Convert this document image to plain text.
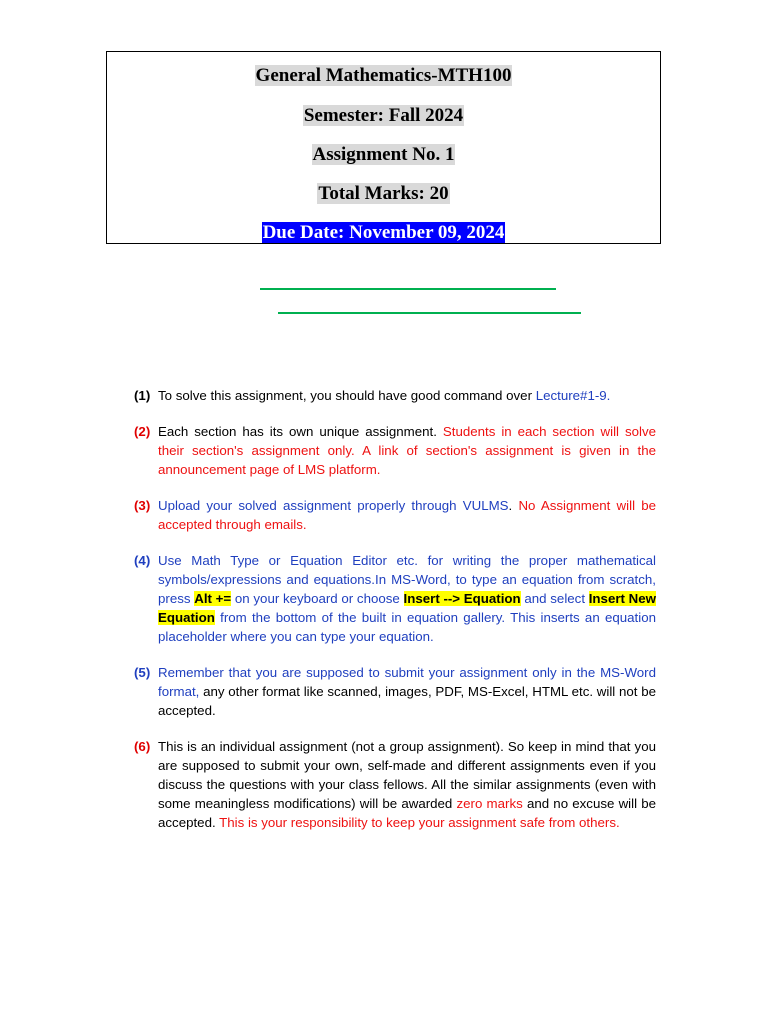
General Mathematics-MTH100
Semester: Fall 2024
Assignment No. 1
Total Marks: 20
Due Date: November 09, 2024
(1) To solve this assignment, you should have good command over Lecture#1-9.
(2) Each section has its own unique assignment. Students in each section will solve their section's assignment only. A link of section's assignment is given in the announcement page of LMS platform.
(3) Upload your solved assignment properly through VULMS. No Assignment will be accepted through emails.
(4) Use Math Type or Equation Editor etc. for writing the proper mathematical symbols/expressions and equations.In MS-Word, to type an equation from scratch, press Alt += on your keyboard or choose Insert --> Equation and select Insert New Equation from the bottom of the built in equation gallery. This inserts an equation placeholder where you can type your equation.
(5) Remember that you are supposed to submit your assignment only in the MS-Word format, any other format like scanned, images, PDF, MS-Excel, HTML etc. will not be accepted.
(6) This is an individual assignment (not a group assignment). So keep in mind that you are supposed to submit your own, self-made and different assignments even if you discuss the questions with your class fellows. All the similar assignments (even with some meaningless modifications) will be awarded zero marks and no excuse will be accepted. This is your responsibility to keep your assignment safe from others.
